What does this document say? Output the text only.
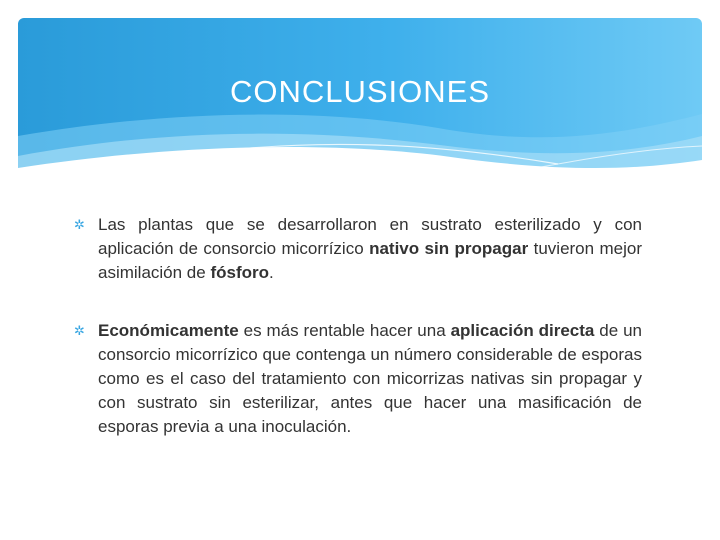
CONCLUSIONES
✲ Las plantas que se desarrollaron en sustrato esterilizado y con aplicación de consorcio micorrízico nativo sin propagar tuvieron mejor asimilación de fósforo.
✲ Económicamente es más rentable hacer una aplicación directa de un consorcio micorrízico que contenga un número considerable de esporas como es el caso del tratamiento con micorrizas nativas sin propagar y con sustrato sin esterilizar, antes que hacer una masificación de esporas previa a una inoculación.
